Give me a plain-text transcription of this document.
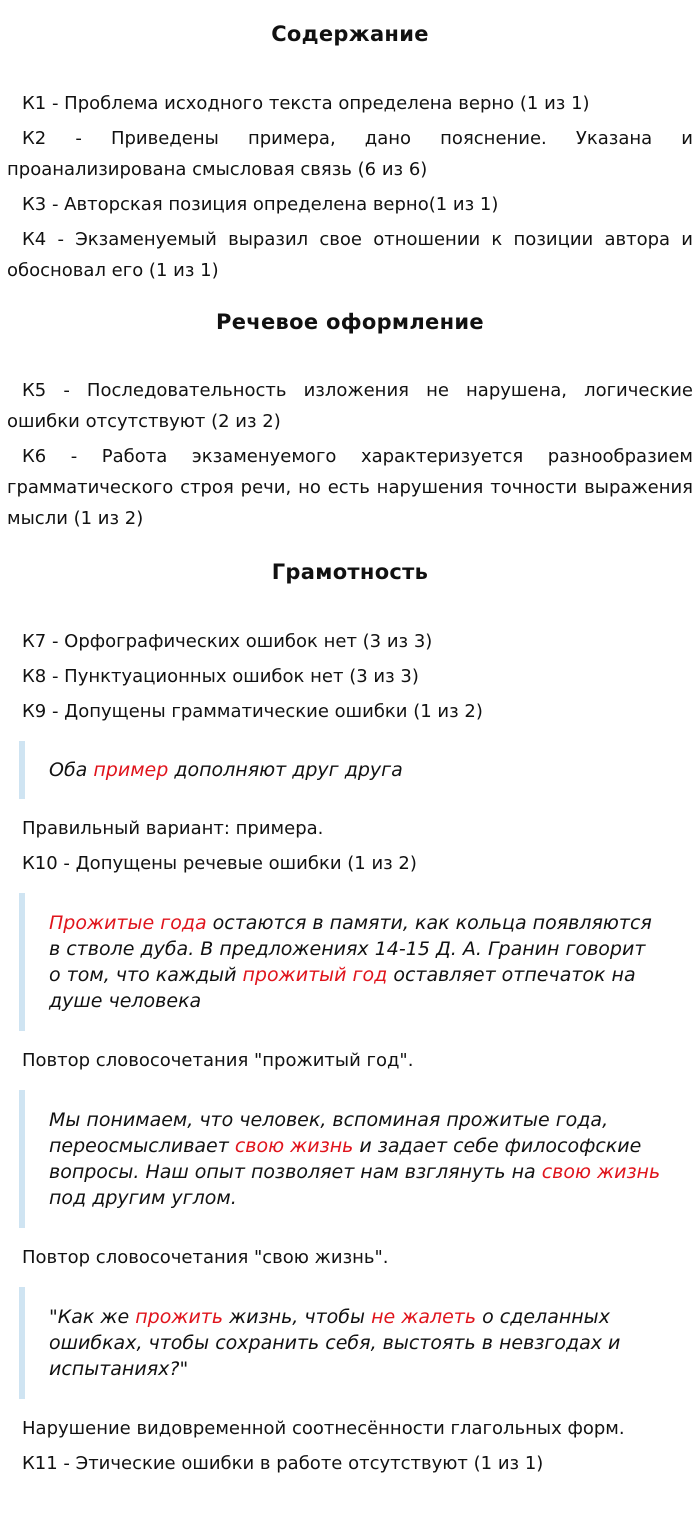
Содержание

К1 - Проблема исходного текста определена верно (1 из 1)

К2 - Приведены примера, дано пояснение. Указана и проанализирована смысловая связь (6 из 6)

К3 - Авторская позиция определена верно(1 из 1)

К4 - Экзаменуемый выразил свое отношении к позиции автора и обосновал его (1 из 1)

Речевое оформление

К5 - Последовательность изложения не нарушена, логические ошибки отсутствуют (2 из 2)

К6 - Работа экзаменуемого характеризуется разнообразием грамматического строя речи, но есть нарушения точности выражения мысли (1 из 2)

Грамотность

К7 - Орфографических ошибок нет (3 из 3)

К8 - Пунктуационных ошибок нет (3 из 3)

К9 - Допущены грамматические ошибки (1 из 2)

Оба пример дополняют друг друга

Правильный вариант: примера.

К10 - Допущены речевые ошибки (1 из 2)

Прожитые года остаются в памяти, как кольца появляются в стволе дуба. В предложениях 14-15 Д. А. Гранин говорит о том, что каждый прожитый год оставляет отпечаток на душе человека

Повтор словосочетания "прожитый год".

Мы понимаем, что человек, вспоминая прожитые года, переосмысливает свою жизнь и задает себе философские вопросы. Наш опыт позволяет нам взглянуть на свою жизнь под другим углом.

Повтор словосочетания "свою жизнь".

"Как же прожить жизнь, чтобы не жалеть о сделанных ошибках, чтобы сохранить себя, выстоять в невзгодах и испытаниях?"

Нарушение видовременной соотнесённости глагольных форм.

К11 - Этические ошибки в работе отсутствуют (1 из 1)
